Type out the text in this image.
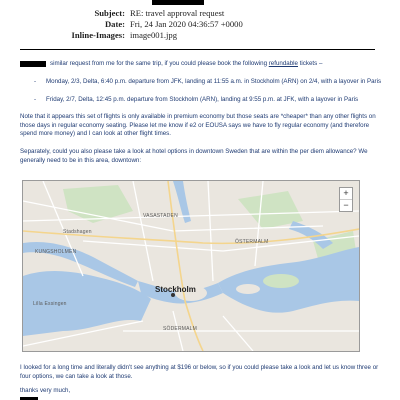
Subject: RE: travel approval request
Date: Fri, 24 Jan 2020 04:36:57 +0000
Inline-Images: image001.jpg
similar request from me for the same trip, if you could please book the following refundable tickets –
- Monday, 2/3, Delta, 6:40 p.m. departure from JFK, landing at 11:55 a.m. in Stockholm (ARN) on 2/4, with a layover in Paris
- Friday, 2/7, Delta, 12:45 p.m. departure from Stockholm (ARN), landing at 9:55 p.m. at JFK, with a layover in Paris
Note that it appears this set of flights is only available in premium economy but those seats are *cheaper* than any other flights on those days in regular economy seating. Please let me know if e2 or EOUSA says we have to fly regular economy (and therefore spend more money) and I can look at other flight times.
Separately, could you also please take a look at hotel options in downtown Sweden that are within the per diem allowance? We generally need to be in this area, downtown:
VASASTADEN
KUNGSHOLMEN
ÖSTERMALM
SÖDERMALM
Stadshagen
Lilla Essingen
Stockholm
+
−
I looked for a long time and literally didn't see anything at $196 or below, so if you could please take a look and let us know three or four options, we can take a look at those.
thanks very much,
